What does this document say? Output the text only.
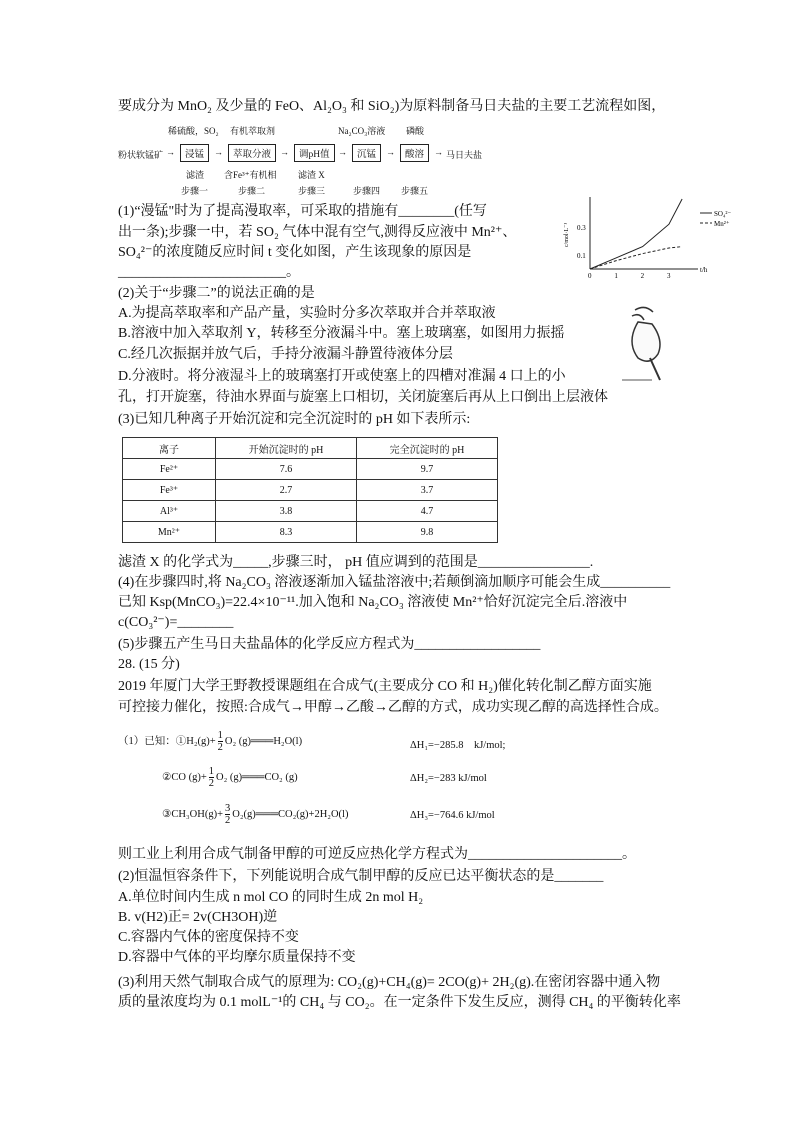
要成分为 MnO₂ 及少量的 FeO、Al₂O₃ 和 SiO₂)为原料制备马日夫盐的主要工艺流程如图，
粉状软锰矿 →
稀硫酸，SO₂
浸锰
滤渣
步骤一
→
有机萃取剂
萃取分液
含Fe³⁺有机相
步骤二
→	调pH值
滤渣 X
步骤三
→
Na₂CO₃溶液
沉锰
步骤四
→
磷酸
酸溶
步骤五
→ 马日夫盐
(1)“漫锰"时为了提高漫取率，可采取的措施有________(任写
出一条);步骤一中，若 SO₂ 气体中混有空气,测得反应液中 Mn²⁺、
SO₄²⁻的浓度随反应时间 t 变化如图，产生该现象的原因是
________________________。	t/h
c/mol·L⁻¹
0	1	2	3
0.1
0.3
SO₄²⁻
Mn²⁺
(2)关于“步骤二”的说法正确的是
A.为提高萃取率和产品产量，实验时分多次萃取并合并萃取液
B.溶液中加入萃取剂 Y，转移至分液漏斗中。塞上玻璃塞，如图用力振摇
C.经几次振据并放气后，手持分液漏斗静置待液体分层
D.分液时。将分液湿斗上的玻璃塞打开或使塞上的四槽对准漏 4 口上的小
孔，打开旋塞，待油水界面与旋塞上口相切，关闭旋塞后再从上口倒出上层液体
(3)已知几种离子开始沉淀和完全沉淀时的 pH 如下表所示:
离子	开始沉淀时的 pH	完全沉淀时的 pH
Fe²⁺	7.6	9.7
Fe³⁺	2.7	3.7
Al³⁺	3.8	4.7
Mn²⁺	8.3	9.8
滤渣 X 的化学式为_____,步骤三时， pH 值应调到的范围是________________.
(4)在步骤四时,将 Na₂CO₃ 溶液逐渐加入锰盐溶液中;若颠倒滴加顺序可能会生成__________
已知 Ksp(MnCO₃)=22.4×10⁻¹¹.加入饱和 Na₂CO₃ 溶液使 Mn²⁺恰好沉淀完全后.溶液中
c(CO₃²⁻)=________
(5)步骤五产生马日夫盐晶体的化学反应方程式为__________________
28. (15 分)
2019 年厦门大学王野教授课题组在合成气(主要成分 CO 和 H₂)催化转化制乙醇方面实施
可控接力催化，按照:合成气→甲醇→乙酸→乙醇的方式，成功实现乙醇的高选择性合成。
（1）已知：①H₂(g)+ $\frac{1}{2} O_2$ (g)═══H₂O(l)	ΔH₁=−285.8　kJ/mol;
②CO $(g)+ \frac{1}{2} O_2$ (g)═══CO₂ (g)	ΔH₂=−283 kJ/mol
③CH₃OH(g)+ $\frac{3}{2}$ O₂(g)═══CO₂(g)+2H₂O(l)	ΔH₃=−764.6 kJ/mol
则工业上利用合成气制备甲醇的可逆反应热化学方程式为______________________。
(2)恒温恒容条件下，下列能说明合成气制甲醇的反应已达平衡状态的是_______
A.单位时间内生成 n mol CO 的同时生成 2n mol H₂
B. v(H2)正= 2v(CH3OH)逆
C.容器内气体的密度保持不变
D.容器中气体的平均摩尔质量保持不变
(3)利用天然气制取合成气的原理为: CO₂(g)+CH₄(g)= 2CO(g)+ 2H₂(g).在密闭容器中通入物
质的量浓度均为 0.1 molL⁻¹的 CH₄ 与 CO₂。在一定条件下发生反应，测得 CH₄ 的平衡转化率
